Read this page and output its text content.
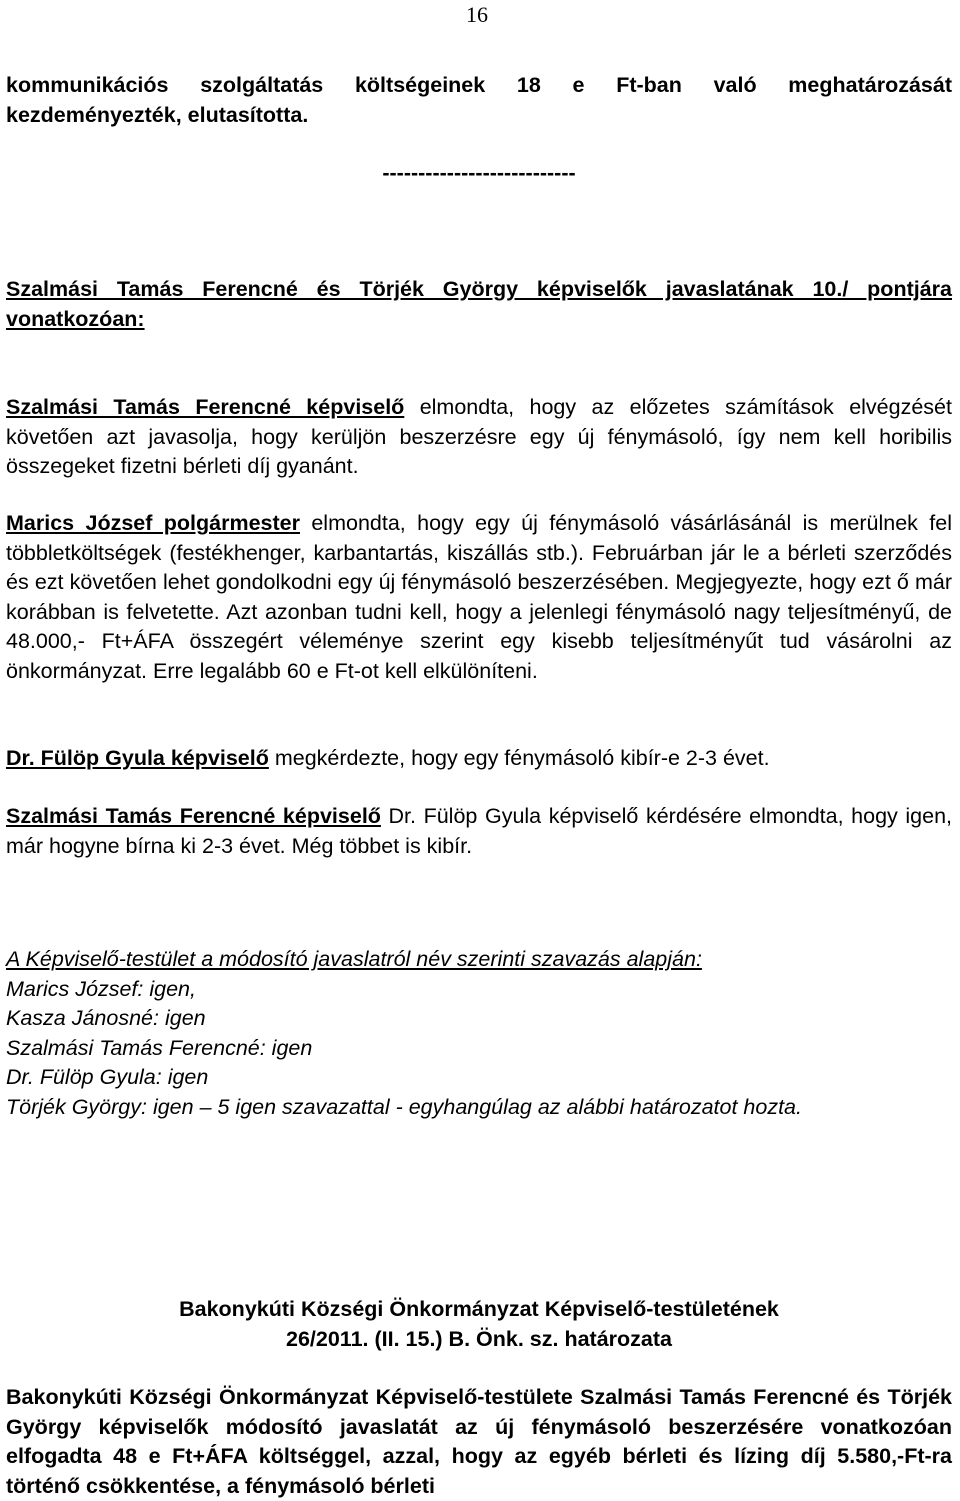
16

kommunikációs szolgáltatás költségeinek 18 e Ft-ban való meghatározását kezdeményezték, elutasította.

---------------------------

Szalmási Tamás Ferencné és Törjék György képviselők javaslatának 10./ pontjára vonatkozóan:

Szalmási Tamás Ferencné képviselő elmondta, hogy az előzetes számítások elvégzését követően azt javasolja, hogy kerüljön beszerzésre egy új fénymásoló, így nem kell horibilis összegeket fizetni bérleti díj gyanánt.

Marics József polgármester elmondta, hogy egy új fénymásoló vásárlásánál is merülnek fel többletköltségek (festékhenger, karbantartás, kiszállás stb.). Februárban jár le a bérleti szerződés és ezt követően lehet gondolkodni egy új fénymásoló beszerzésében. Megjegyezte, hogy ezt ő már korábban is felvetette. Azt azonban tudni kell, hogy a jelenlegi fénymásoló nagy teljesítményű, de 48.000,- Ft+ÁFA összegért véleménye szerint egy kisebb teljesítményűt tud vásárolni az önkormányzat. Erre legalább 60 e Ft-ot kell elkülöníteni.

Dr. Fülöp Gyula képviselő megkérdezte, hogy egy fénymásoló kibír-e 2-3 évet.

Szalmási Tamás Ferencné képviselő Dr. Fülöp Gyula képviselő kérdésére elmondta, hogy igen, már hogyne bírna ki 2-3 évet. Még többet is kibír.

A Képviselő-testület a módosító javaslatról név szerinti szavazás alapján:
Marics József: igen,
Kasza Jánosné: igen
Szalmási Tamás Ferencné: igen
Dr. Fülöp Gyula: igen
Törjék György: igen – 5 igen szavazattal - egyhangúlag az alábbi határozatot hozta.
Bakonykúti Községi Önkormányzat Képviselő-testületének
26/2011. (II. 15.) B. Önk. sz. határozata

Bakonykúti Községi Önkormányzat Képviselő-testülete Szalmási Tamás Ferencné és Törjék György képviselők módosító javaslatát az új fénymásoló beszerzésére vonatkozóan elfogadta 48 e Ft+ÁFA költséggel, azzal, hogy az egyéb bérleti és lízing díj 5.580,-Ft-ra történő csökkentése, a fénymásoló bérleti
